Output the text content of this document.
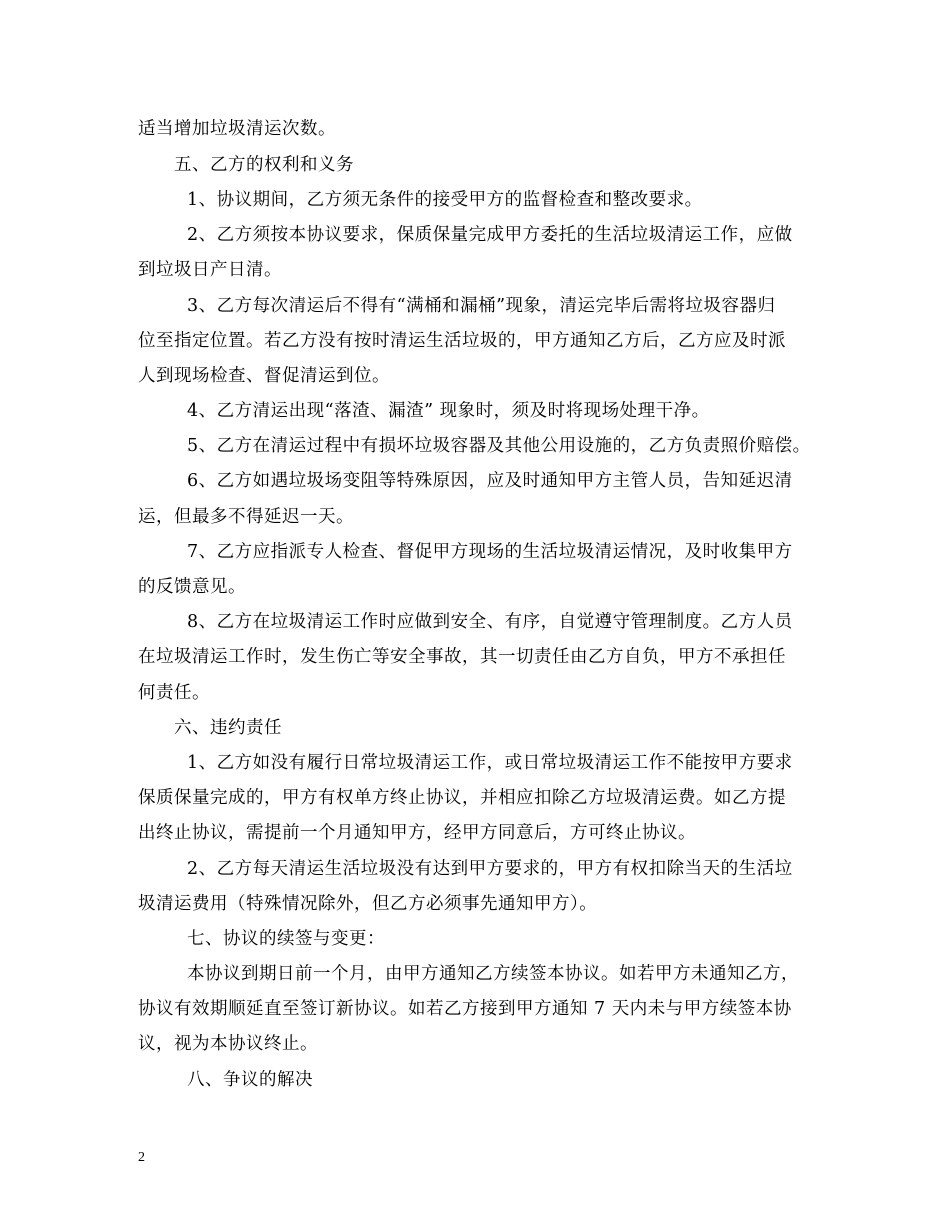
适当增加垃圾清运次数。
五、乙方的权利和义务
1、协议期间，乙方须无条件的接受甲方的监督检查和整改要求。
2、乙方须按本协议要求，保质保量完成甲方委托的生活垃圾清运工作，应做
到垃圾日产日清。
3、乙方每次清运后不得有“满桶和漏桶”现象，清运完毕后需将垃圾容器归
位至指定位置。若乙方没有按时清运生活垃圾的，甲方通知乙方后，乙方应及时派
人到现场检查、督促清运到位。
4、乙方清运出现“落渣、漏渣” 现象时，须及时将现场处理干净。
5、乙方在清运过程中有损坏垃圾容器及其他公用设施的，乙方负责照价赔偿。
6、乙方如遇垃圾场变阻等特殊原因，应及时通知甲方主管人员，告知延迟清
运，但最多不得延迟一天。
7、乙方应指派专人检查、督促甲方现场的生活垃圾清运情况，及时收集甲方
的反馈意见。
8、乙方在垃圾清运工作时应做到安全、有序，自觉遵守管理制度。乙方人员
在垃圾清运工作时，发生伤亡等安全事故，其一切责任由乙方自负，甲方不承担任
何责任。
六、违约责任
1、乙方如没有履行日常垃圾清运工作，或日常垃圾清运工作不能按甲方要求
保质保量完成的，甲方有权单方终止协议，并相应扣除乙方垃圾清运费。如乙方提
出终止协议，需提前一个月通知甲方，经甲方同意后，方可终止协议。
2、乙方每天清运生活垃圾没有达到甲方要求的，甲方有权扣除当天的生活垃
圾清运费用（特殊情况除外，但乙方必须事先通知甲方）。
七、协议的续签与变更：
本协议到期日前一个月，由甲方通知乙方续签本协议。如若甲方未通知乙方，
协议有效期顺延直至签订新协议。如若乙方接到甲方通知 7 天内未与甲方续签本协
议，视为本协议终止。
八、争议的解决
2
